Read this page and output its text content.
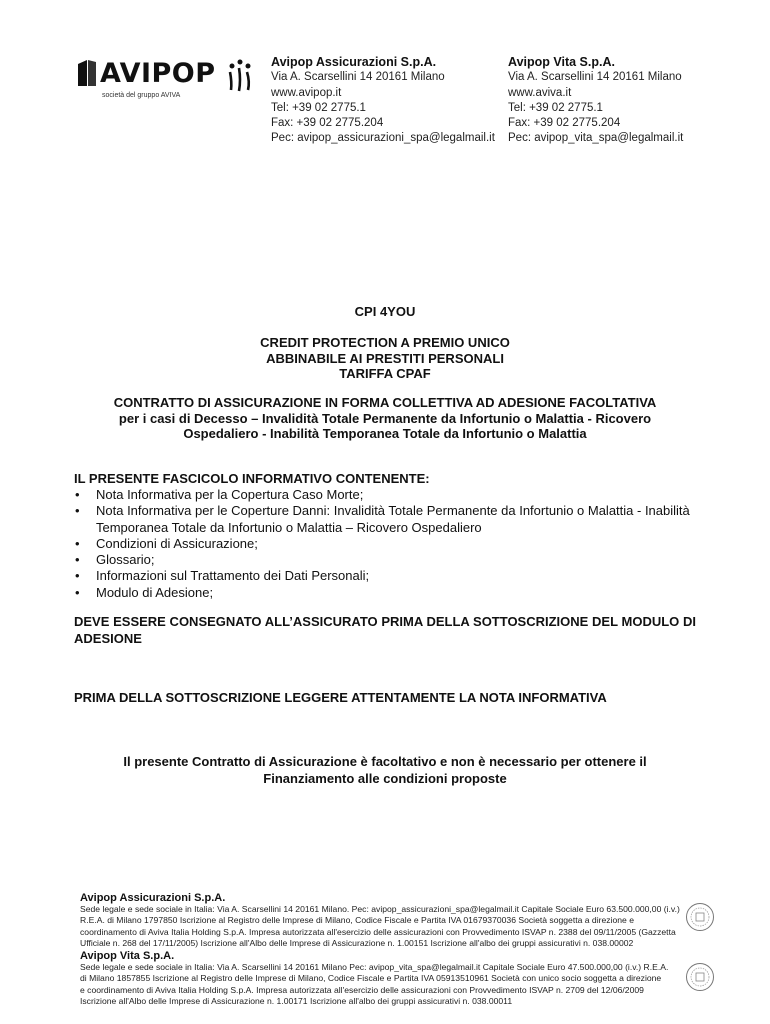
AVIPOP
società del gruppo AVIVA
Avipop Assicurazioni S.p.A.
Via A. Scarsellini 14 20161 Milano
www.avipop.it
Tel: +39 02 2775.1
Fax: +39 02 2775.204
Pec: avipop_assicurazioni_spa@legalmail.it
Avipop Vita S.p.A.
Via A. Scarsellini 14 20161 Milano
www.aviva.it
Tel: +39 02 2775.1
Fax: +39 02 2775.204
Pec: avipop_vita_spa@legalmail.it
CPI 4YOU
CREDIT PROTECTION A PREMIO UNICO
ABBINABILE AI PRESTITI PERSONALI
TARIFFA CPAF
CONTRATTO DI ASSICURAZIONE IN FORMA COLLETTIVA AD ADESIONE FACOLTATIVA
per i casi di Decesso – Invalidità Totale Permanente da Infortunio o Malattia - Ricovero
Ospedaliero - Inabilità Temporanea Totale da Infortunio o Malattia
IL PRESENTE FASCICOLO INFORMATIVO CONTENENTE:
• Nota Informativa per la Copertura Caso Morte;
• Nota Informativa per le Coperture Danni: Invalidità Totale Permanente da Infortunio o Malattia - Inabilità Temporanea Totale da Infortunio o Malattia – Ricovero Ospedaliero
• Condizioni di Assicurazione;
• Glossario;
• Informazioni sul Trattamento dei Dati Personali;
• Modulo di Adesione;
DEVE ESSERE CONSEGNATO ALL’ASSICURATO PRIMA DELLA SOTTOSCRIZIONE DEL MODULO DI ADESIONE
PRIMA DELLA SOTTOSCRIZIONE LEGGERE ATTENTAMENTE LA NOTA INFORMATIVA
Il presente Contratto di Assicurazione è facoltativo e non è necessario per ottenere il
Finanziamento alle condizioni proposte
Avipop Assicurazioni S.p.A.
Sede legale e sede sociale in Italia: Via A. Scarsellini 14 20161 Milano. Pec: avipop_assicurazioni_spa@legalmail.it Capitale Sociale Euro 63.500.000,00 (i.v.)
R.E.A. di Milano 1797850 Iscrizione al Registro delle Imprese di Milano, Codice Fiscale e Partita IVA 01679370036 Società soggetta a direzione e
coordinamento di Aviva Italia Holding S.p.A. Impresa autorizzata all'esercizio delle assicurazioni con Provvedimento ISVAP n. 2388 del 09/11/2005 (Gazzetta
Ufficiale n. 268 del 17/11/2005) Iscrizione all'Albo delle Imprese di Assicurazione n. 1.00151 Iscrizione all'albo dei gruppi assicurativi n. 038.00002
Avipop Vita S.p.A.
Sede legale e sede sociale in Italia: Via A. Scarsellini 14 20161 Milano Pec: avipop_vita_spa@legalmail.it Capitale Sociale Euro 47.500.000,00 (i.v.) R.E.A.
di Milano 1857855 Iscrizione al Registro delle Imprese di Milano, Codice Fiscale e Partita IVA 05913510961 Società con unico socio soggetta a direzione
e coordinamento di Aviva Italia Holding S.p.A. Impresa autorizzata all'esercizio delle assicurazioni con Provvedimento ISVAP n. 2709 del 12/06/2009
Iscrizione all'Albo delle Imprese di Assicurazione n. 1.00171 Iscrizione all'albo dei gruppi assicurativi n. 038.00011
